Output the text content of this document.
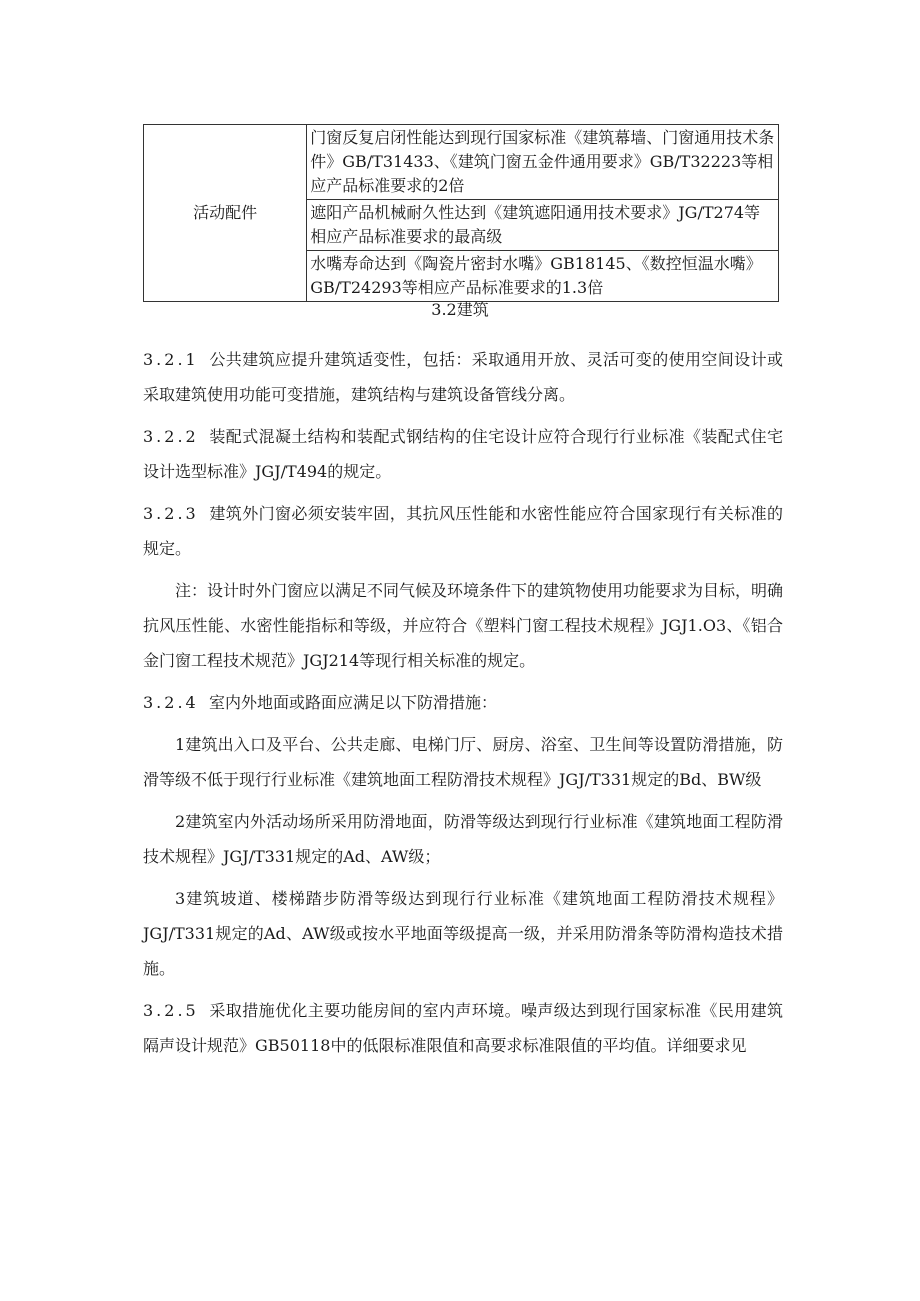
活动配件	门窗反复启闭性能达到现行国家标准《建筑幕墙、门窗通用技术条件》GB/T31433、《建筑门窗五金件通用要求》GB/T32223等相应产品标准要求的2倍
遮阳产品机械耐久性达到《建筑遮阳通用技术要求》JG/T274等相应产品标准要求的最高级
水嘴寿命达到《陶瓷片密封水嘴》GB18145、《数控恒温水嘴》GB/T24293等相应产品标准要求的1.3倍
3.2建筑

3.2.1 公共建筑应提升建筑适变性，包括：采取通用开放、灵活可变的使用空间设计或采取建筑使用功能可变措施，建筑结构与建筑设备管线分离。

3.2.2 装配式混凝土结构和装配式钢结构的住宅设计应符合现行行业标准《装配式住宅设计选型标准》JGJ/T494的规定。

3.2.3 建筑外门窗必须安装牢固，其抗风压性能和水密性能应符合国家现行有关标准的规定。

注：设计时外门窗应以满足不同气候及环境条件下的建筑物使用功能要求为目标，明确抗风压性能、水密性能指标和等级，并应符合《塑料门窗工程技术规程》JGJ1.O3、《铝合金门窗工程技术规范》JGJ214等现行相关标准的规定。

3.2.4 室内外地面或路面应满足以下防滑措施：

1建筑出入口及平台、公共走廊、电梯门厅、厨房、浴室、卫生间等设置防滑措施，防滑等级不低于现行行业标准《建筑地面工程防滑技术规程》JGJ/T331规定的Bd、BW级

2建筑室内外活动场所采用防滑地面，防滑等级达到现行行业标准《建筑地面工程防滑技术规程》JGJ/T331规定的Ad、AW级；

3建筑坡道、楼梯踏步防滑等级达到现行行业标准《建筑地面工程防滑技术规程》JGJ/T331规定的Ad、AW级或按水平地面等级提高一级，并采用防滑条等防滑构造技术措施。

3.2.5 采取措施优化主要功能房间的室内声环境。噪声级达到现行国家标准《民用建筑隔声设计规范》GB50118中的低限标准限值和高要求标准限值的平均值。详细要求见
